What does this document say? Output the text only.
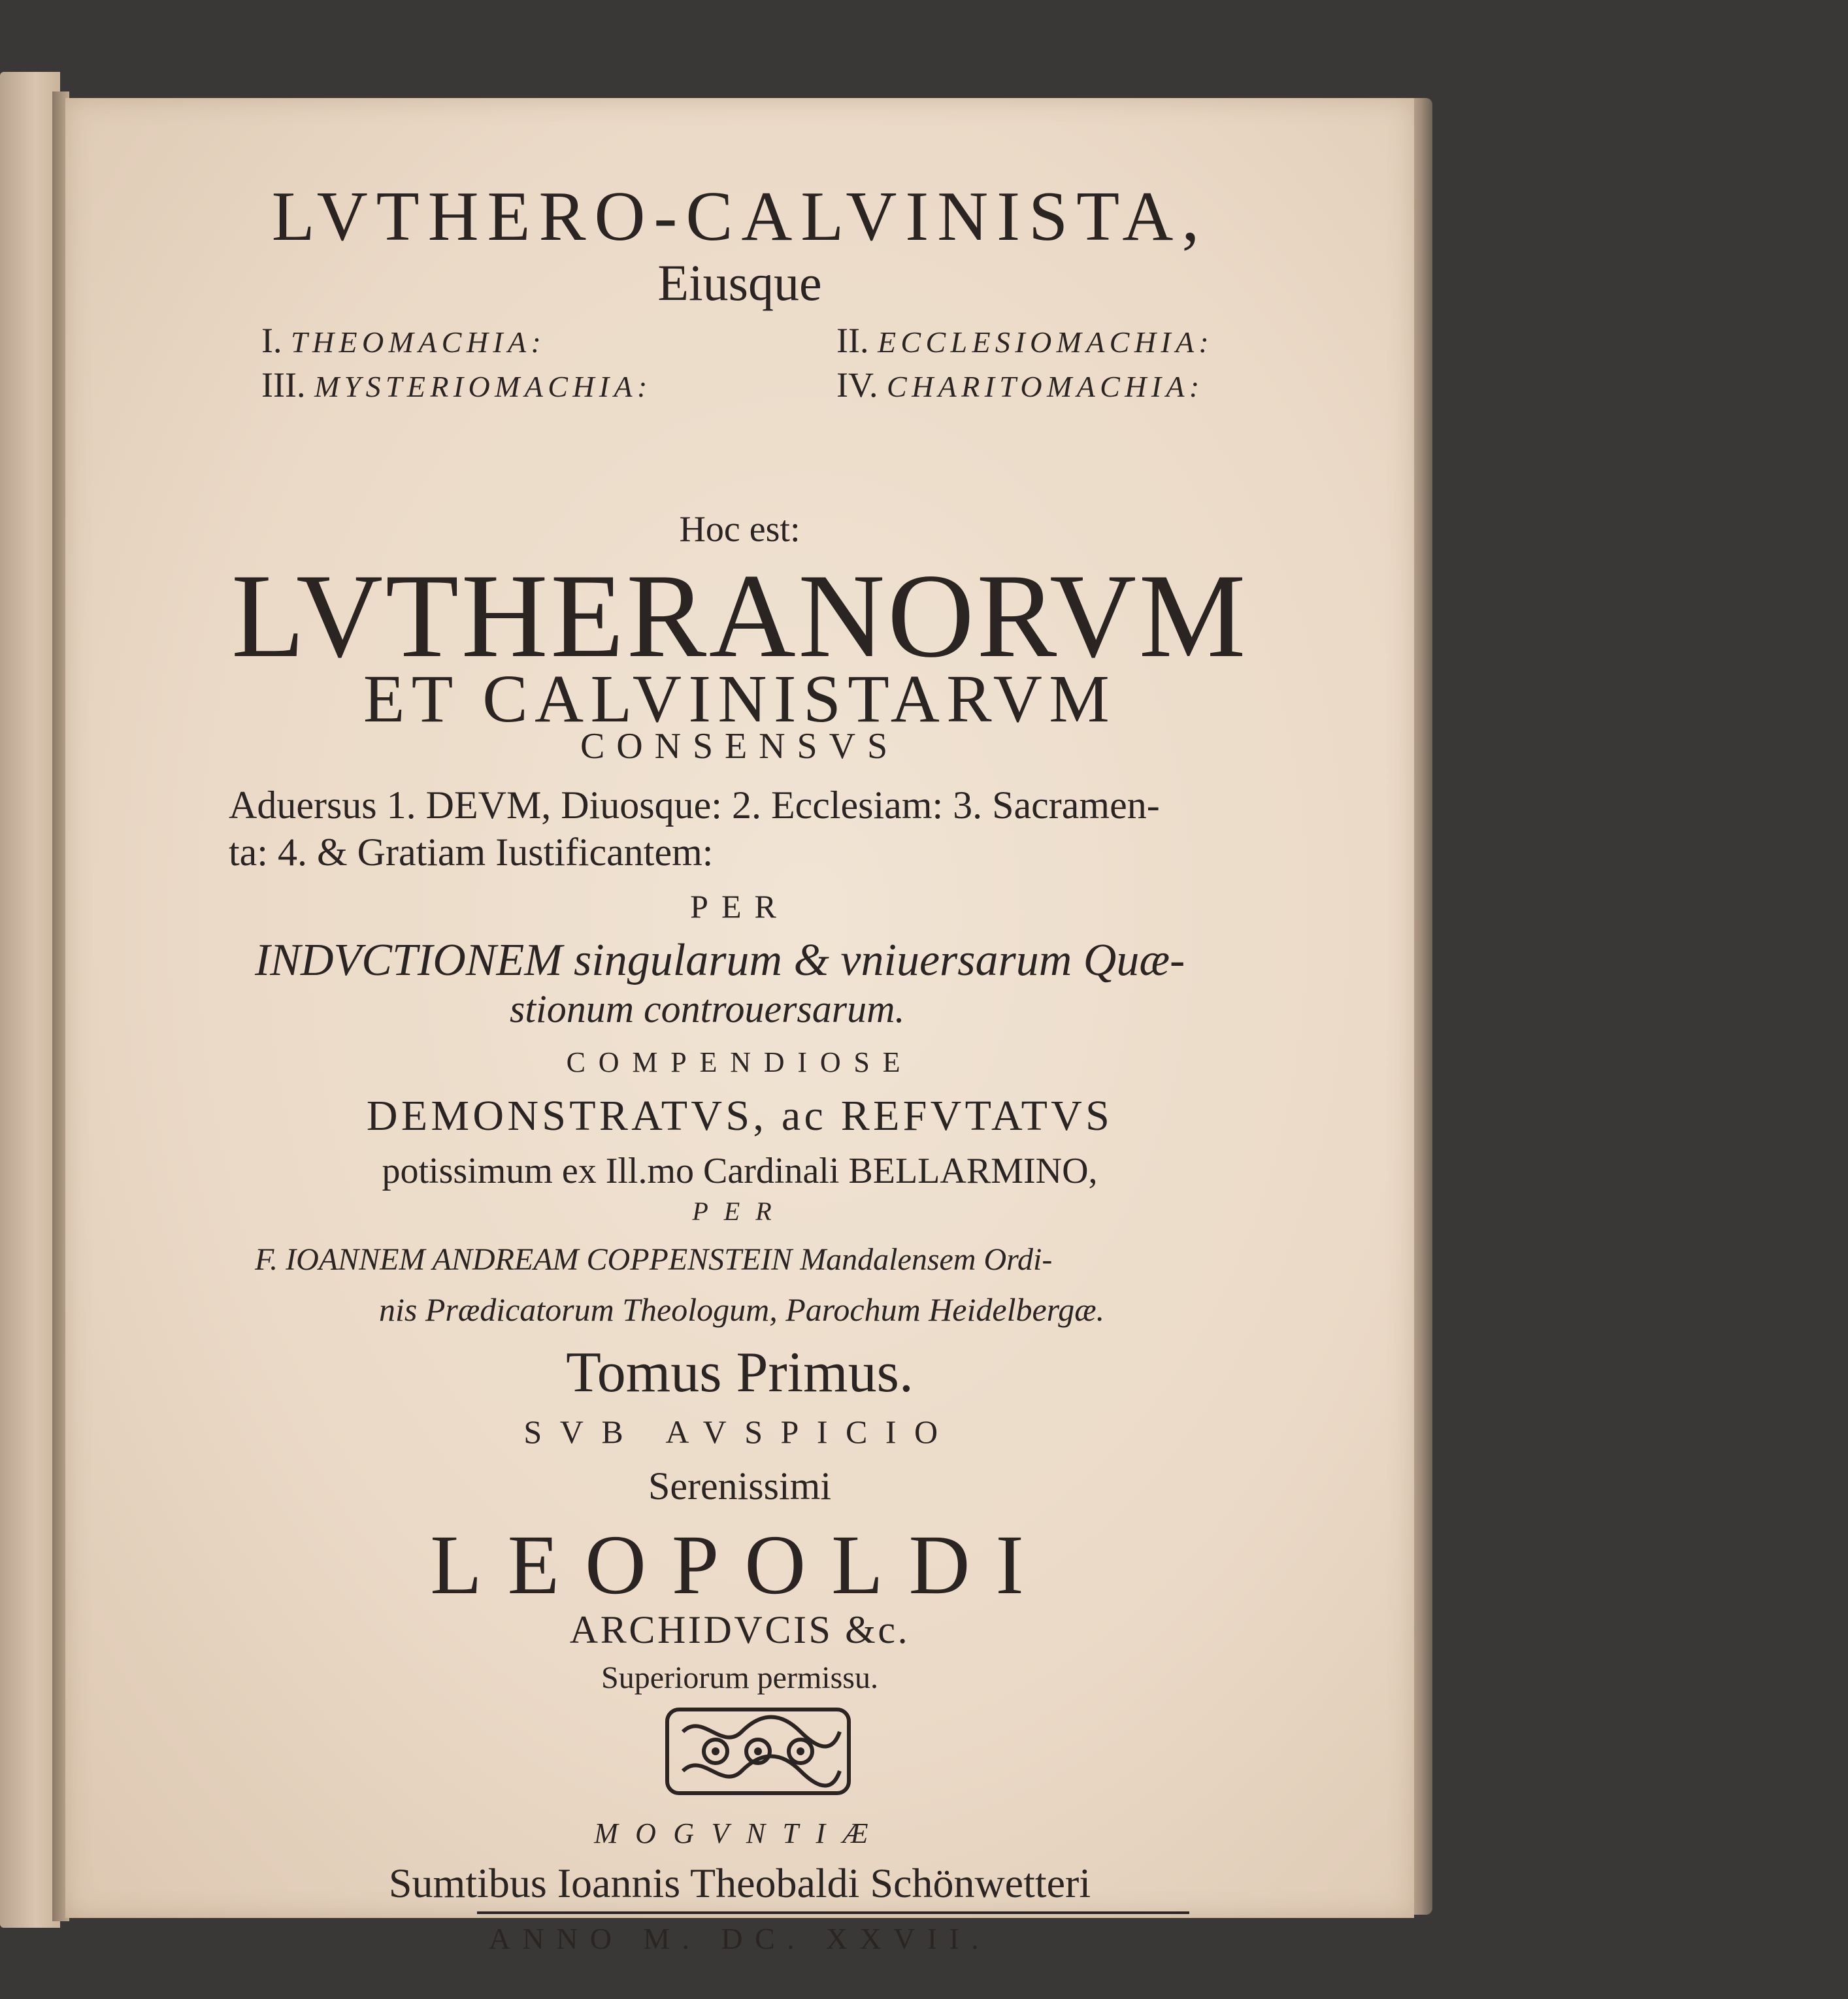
LVTHERO-CALVINISTA,
Eiusque
I. THEOMACHIA:	II. ECCLESIOMACHIA:
III. MYSTERIOMACHIA:	IV. CHARITOMACHIA:
Hoc est:
LVTHERANORVM
ET CALVINISTARVM
CONSENSVS
Aduersus 1. DEVM, Diuosque: 2. Ecclesiam: 3. Sacramen-
ta: 4. & Gratiam Iustificantem:
PER
INDVCTIONEM singularum & vniuersarum Quæ-
stionum controuersarum.
COMPENDIOSE
DEMONSTRATVS, ac REFVTATVS
potissimum ex Ill.mo Cardinali BELLARMINO,
PER
F. IOANNEM ANDREAM COPPENSTEIN Mandalensem Ordi-
nis Prædicatorum Theologum, Parochum Heidelbergæ.
Tomus Primus.
SVB AVSPICIO
Serenissimi
LEOPOLDI
ARCHIDVCIS &c.
Superiorum permissu.
MOGVNTIÆ
Sumtibus Ioannis Theobaldi Schönwetteri
ANNO M. DC. XXVII.
